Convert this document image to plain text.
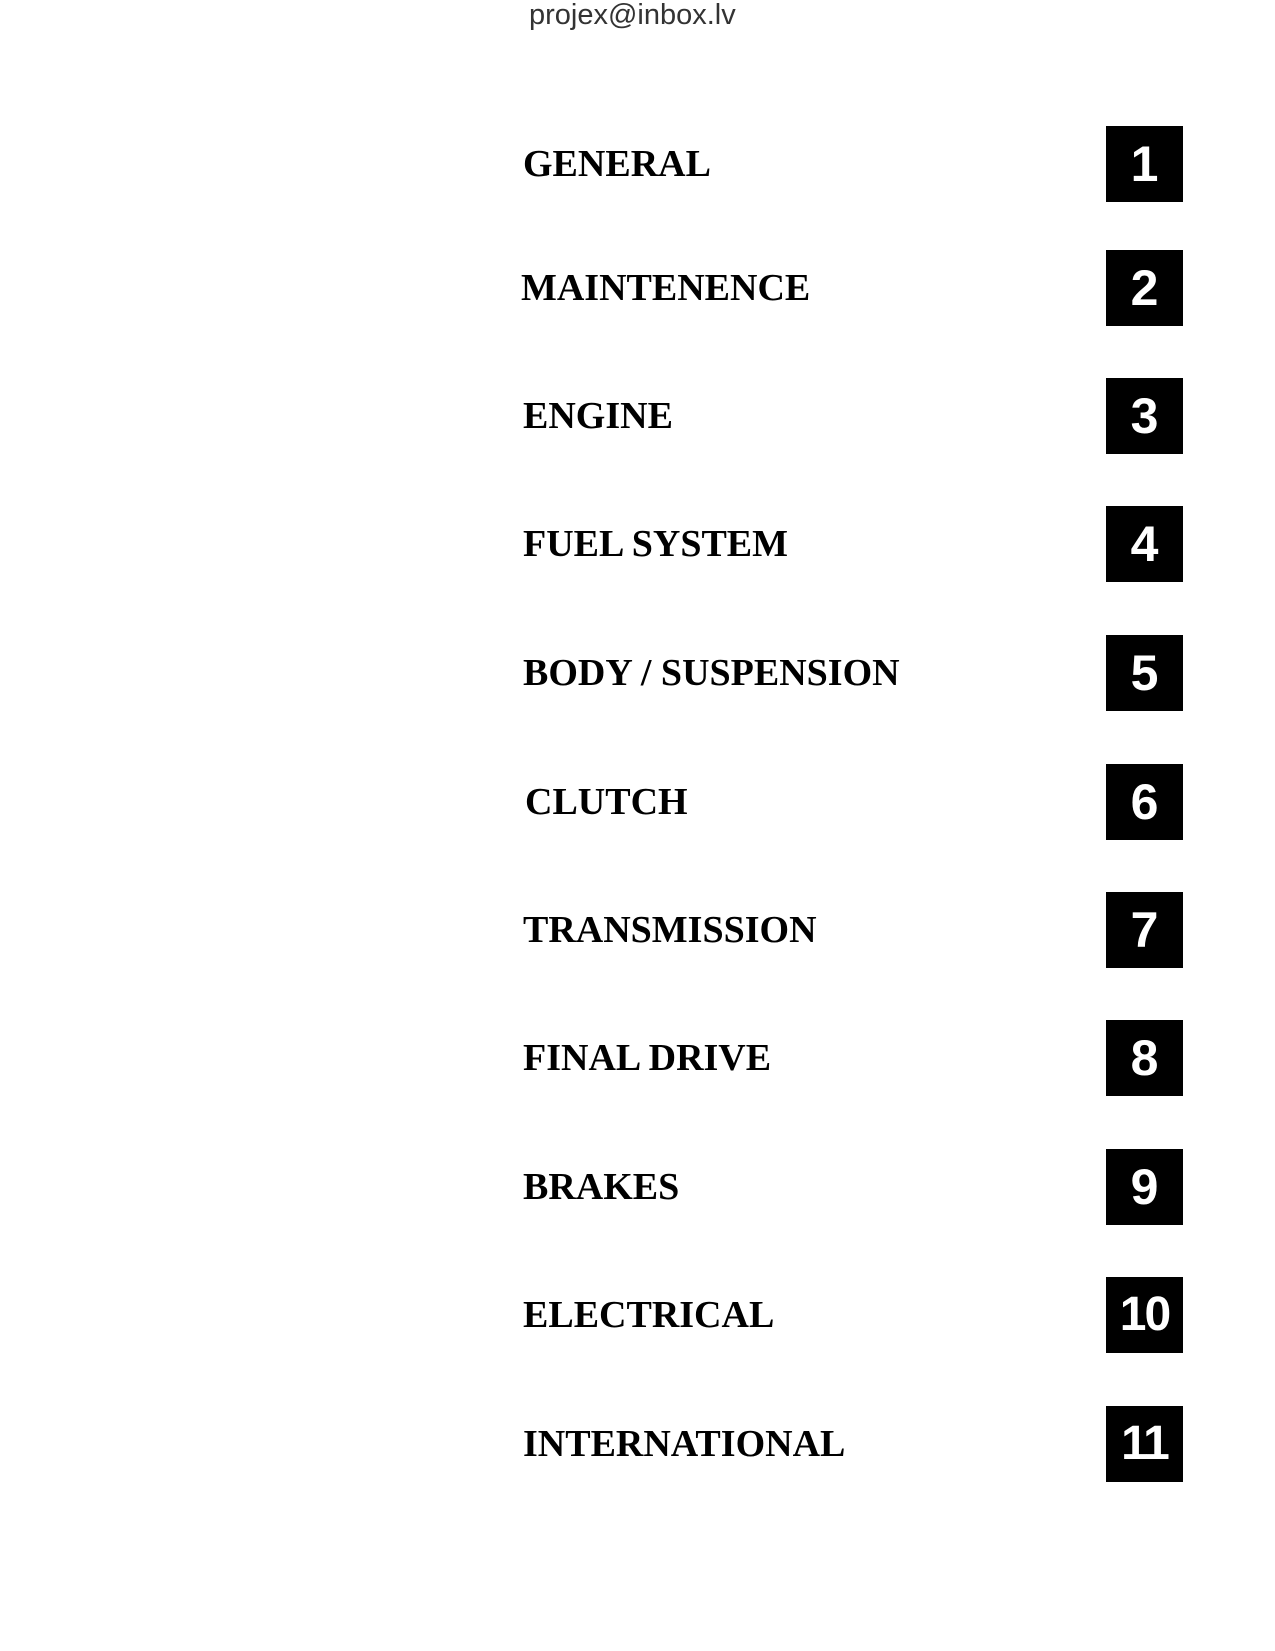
projex@inbox.lv
GENERAL	1
MAINTENENCE	2
ENGINE	3
FUEL SYSTEM	4
BODY / SUSPENSION	5
CLUTCH	6
TRANSMISSION	7
FINAL DRIVE	8
BRAKES	9
ELECTRICAL	10
INTERNATIONAL	11
